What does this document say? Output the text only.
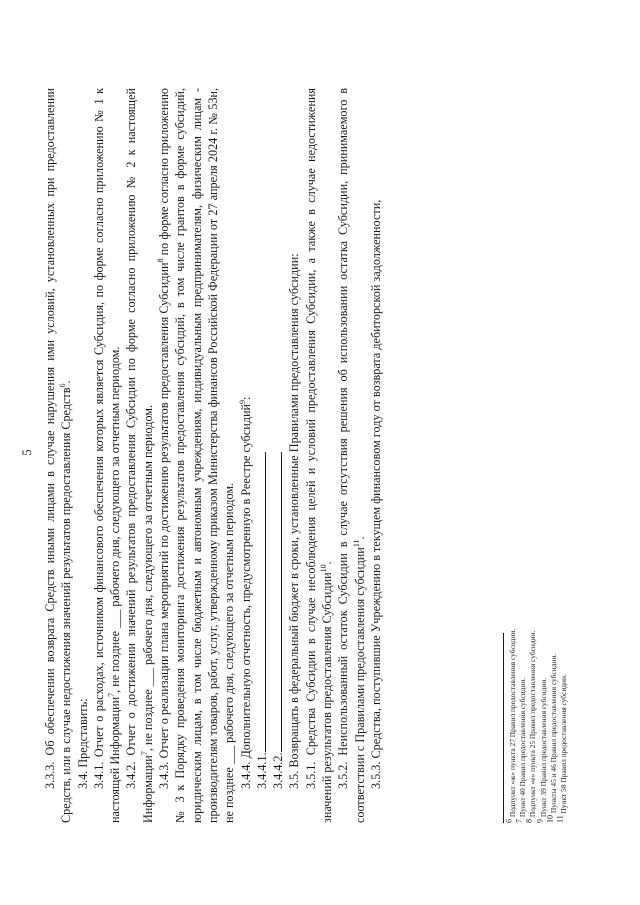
5 3.3.3. Об обеспечении возврата Средств иными лицами в случае нарушения ими условий, установленных при предоставлении Средств, или в случае недостижения значений результатов предоставления Средств$^6$.

3.4. Представить: 3.4.1. Отчет о расходах, источником финансового обеспечения которых является Субсидия, по форме согласно приложению № 1 к настоящей Информации$^7$, не позднее ___ рабочего дня, следующего за отчетным периодом. 3.4.2. Отчет о достижении значений результатов предоставления Субсидии по форме согласно приложению № 2 к настоящей Информации$^7$, не позднее ___ рабочего дня, следующего за отчетным периодом. 3.4.3. Отчет о реализации плана мероприятий по достижению результатов предоставления Субсидии$^8$ по форме согласно приложению № 3 к Порядку проведения мониторинга достижения результатов предоставления субсидий, в том числе грантов в форме субсидий, юридическим лицам, в том числе бюджетным и автономным учреждениям, индивидуальным предпринимателям, физическим лицам - производителям товаров, работ, услуг, утвержденному приказом Министерства финансов Российской Федерации от 27 апреля 2024 г. № 53н, не позднее ___ рабочего дня, следующего за отчетным периодом. 3.4.4. Дополнительную отчетность, предусмотренную в Реестре субсидий$^9$:

3.4.4.1. 3.4.4.2. 3.5. Возвращать в федеральный бюджет в сроки, установленные Правилами предоставления субсидии: 3.5.1. Средства Субсидии в случае несоблюдения целей и условий предоставления Субсидии, а также в случае недостижения значений результатов предоставления Субсидии$^{10}$. 3.5.2. Неиспользованный остаток Субсидии в случае отсутствия решения об использовании остатка Субсидии, принимаемого в соответствии с Правилами предоставления субсидии$^{11}$. 3.5.3. Средства, поступившие Учреждению в текущем финансовом году от возврата дебиторской задолженности,

$^6$ Подпункт «ж» пункта 27 Правил предоставления субсидии.
$^7$ Пункт 40 Правил предоставления субсидии.
$^8$ Подпункт «е» пункта 25 Правил предоставления субсидии.
$^9$ Пункт 39 Правил предоставления субсидии.
$^{10}$ Пункты 45 и 46 Правил предоставления субсидии.
$^{11}$ Пункт 58 Правил предоставления субсидии.
